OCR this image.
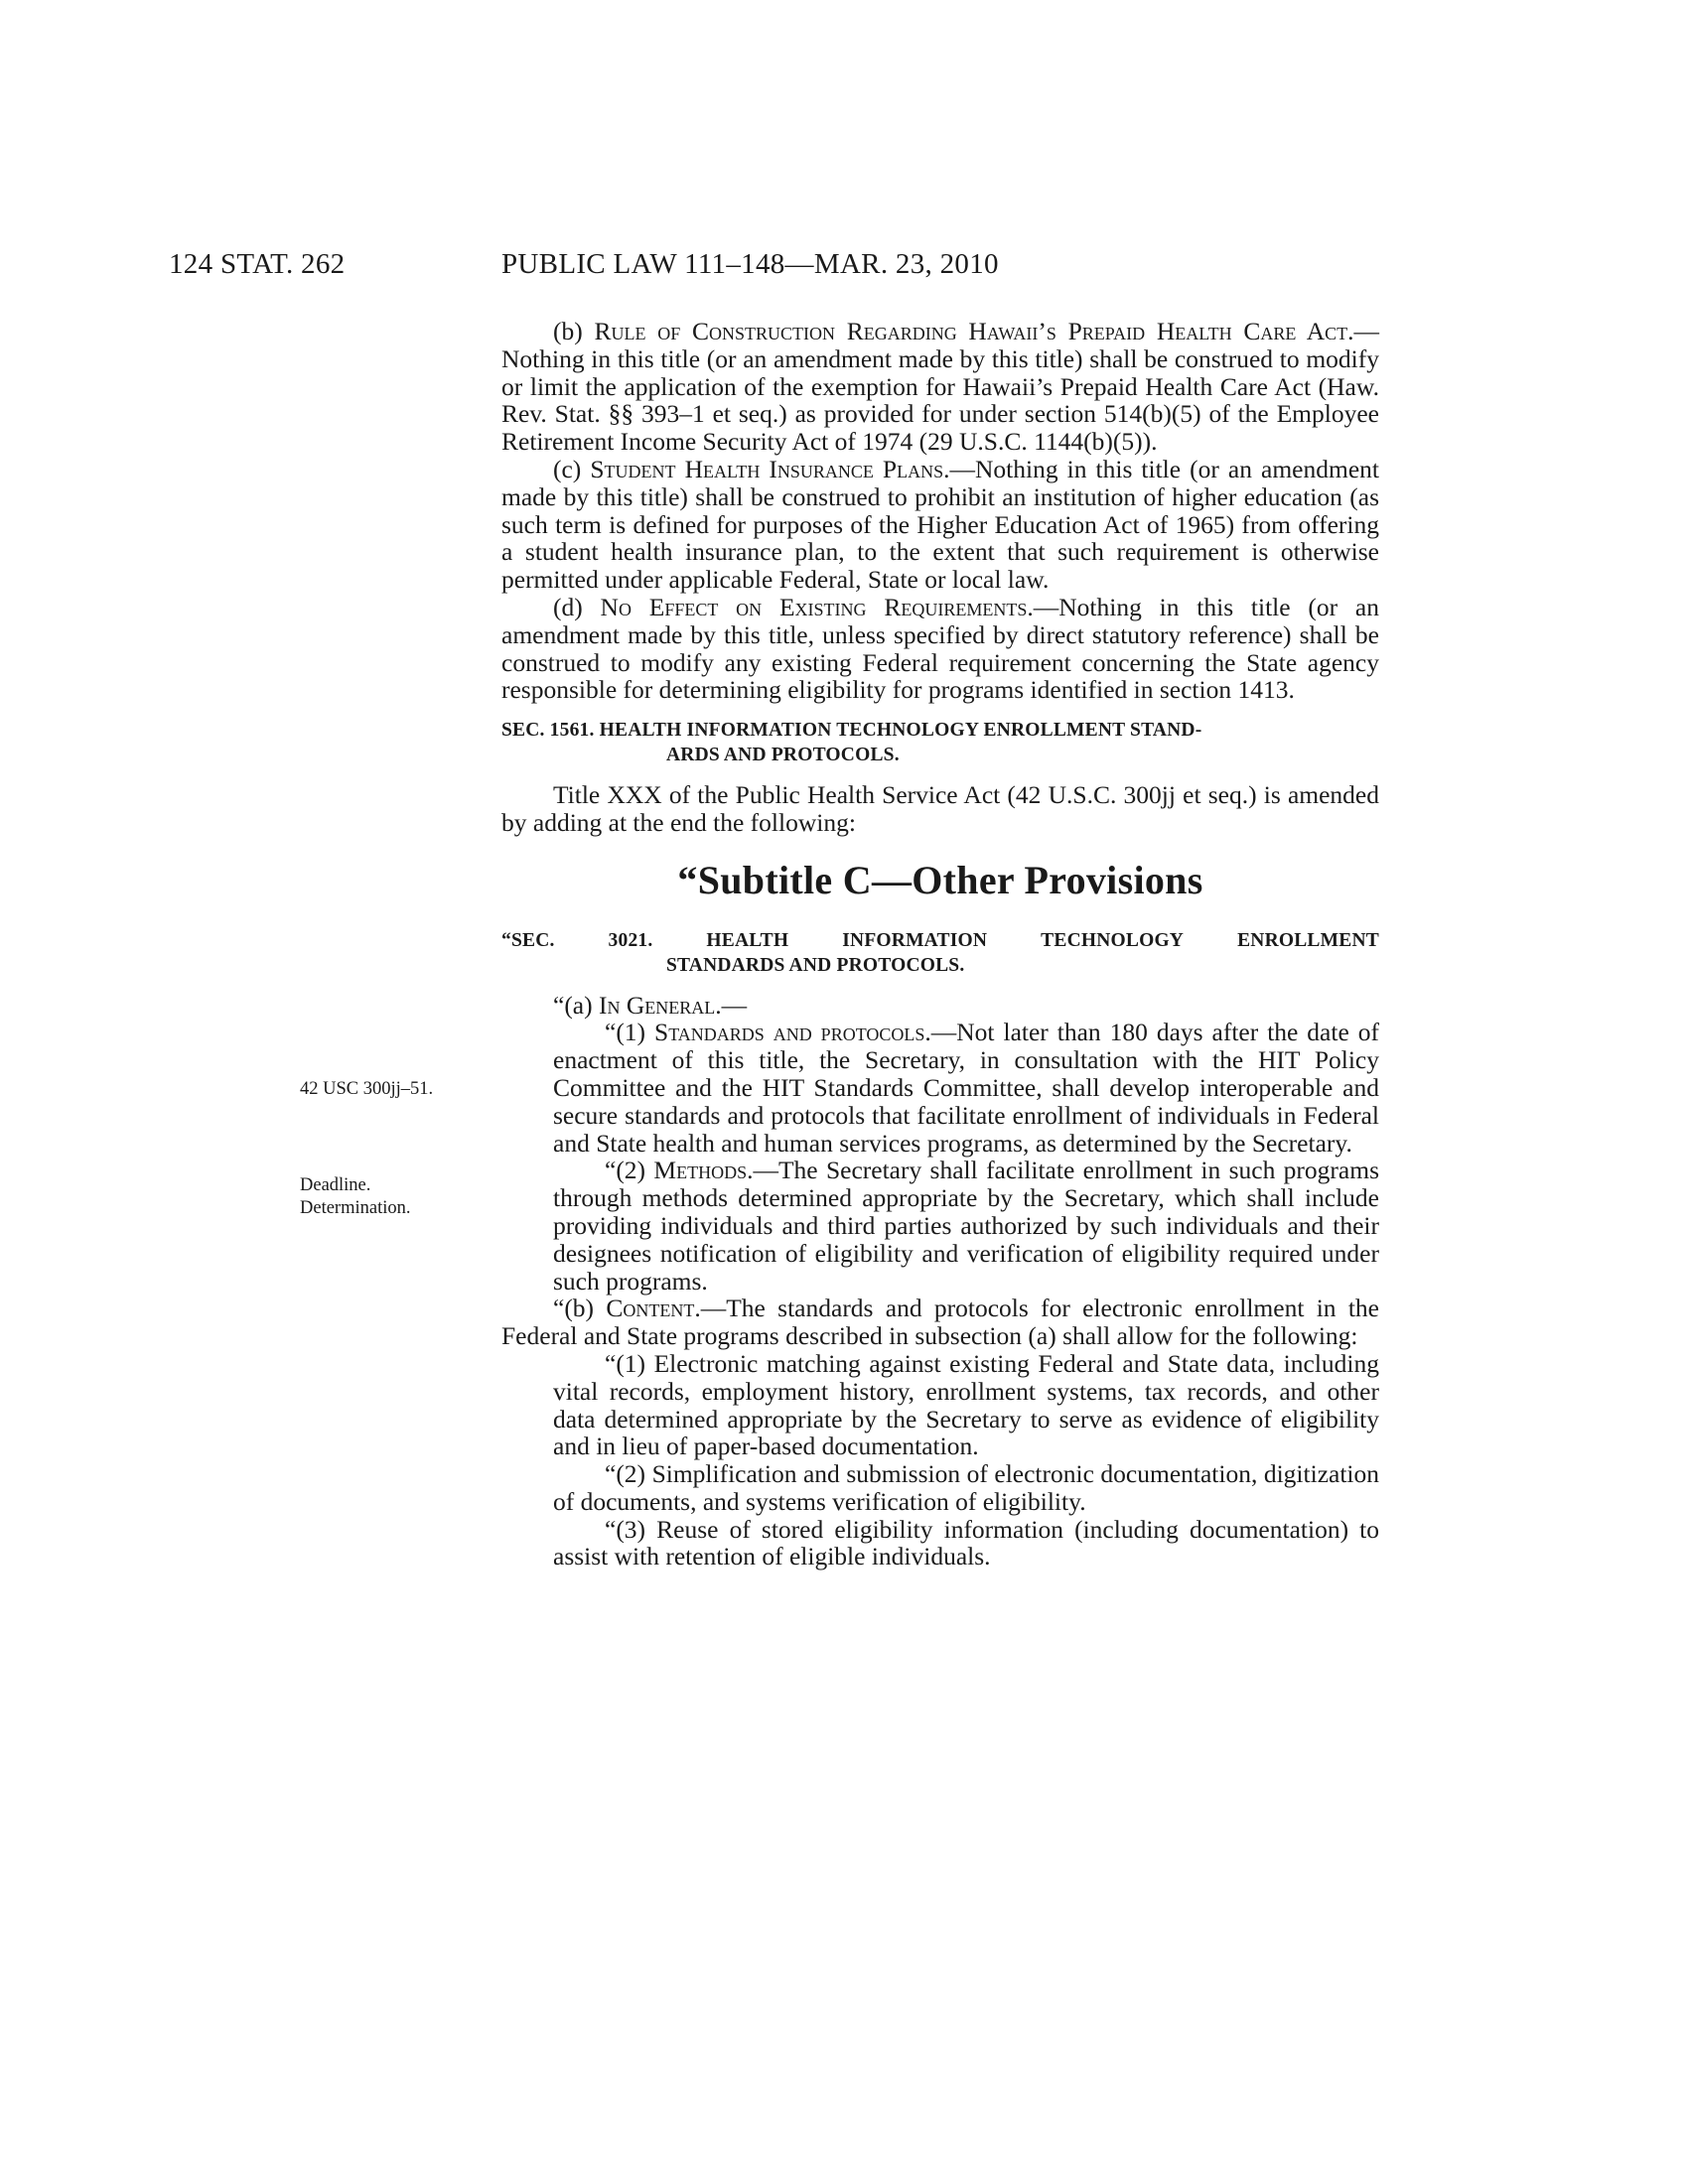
124 STAT. 262	PUBLIC LAW 111–148—MAR. 23, 2010
42 USC 300jj–51.
Deadline.
Determination.

(b) Rule of Construction Regarding Hawaii’s Prepaid Health Care Act.—Nothing in this title (or an amendment made by this title) shall be construed to modify or limit the application of the exemption for Hawaii’s Prepaid Health Care Act (Haw. Rev. Stat. §§ 393–1 et seq.) as provided for under section 514(b)(5) of the Employee Retirement Income Security Act of 1974 (29 U.S.C. 1144(b)(5)).

(c) Student Health Insurance Plans.—Nothing in this title (or an amendment made by this title) shall be construed to prohibit an institution of higher education (as such term is defined for purposes of the Higher Education Act of 1965) from offering a student health insurance plan, to the extent that such requirement is otherwise permitted under applicable Federal, State or local law.

(d) No Effect on Existing Requirements.—Nothing in this title (or an amendment made by this title, unless specified by direct statutory reference) shall be construed to modify any existing Federal requirement concerning the State agency responsible for determining eligibility for programs identified in section 1413.

SEC. 1561. HEALTH INFORMATION TECHNOLOGY ENROLLMENT STAND-
ARDS AND PROTOCOLS.

Title XXX of the Public Health Service Act (42 U.S.C. 300jj et seq.) is amended by adding at the end the following:

“Subtitle C—Other Provisions
“SEC.	3021.	HEALTH	INFORMATION	TECHNOLOGY	ENROLLMENT
STANDARDS AND PROTOCOLS.

“(a) In General.—

“(1) Standards and protocols.—Not later than 180 days after the date of enactment of this title, the Secretary, in consultation with the HIT Policy Committee and the HIT Standards Committee, shall develop interoperable and secure standards and protocols that facilitate enrollment of individuals in Federal and State health and human services programs, as determined by the Secretary.

“(2) Methods.—The Secretary shall facilitate enrollment in such programs through methods determined appropriate by the Secretary, which shall include providing individuals and third parties authorized by such individuals and their designees notification of eligibility and verification of eligibility required under such programs.

“(b) Content.—The standards and protocols for electronic enrollment in the Federal and State programs described in subsection (a) shall allow for the following:

“(1) Electronic matching against existing Federal and State data, including vital records, employment history, enrollment systems, tax records, and other data determined appropriate by the Secretary to serve as evidence of eligibility and in lieu of paper-based documentation.

“(2) Simplification and submission of electronic documentation, digitization of documents, and systems verification of eligibility.

“(3) Reuse of stored eligibility information (including documentation) to assist with retention of eligible individuals.
